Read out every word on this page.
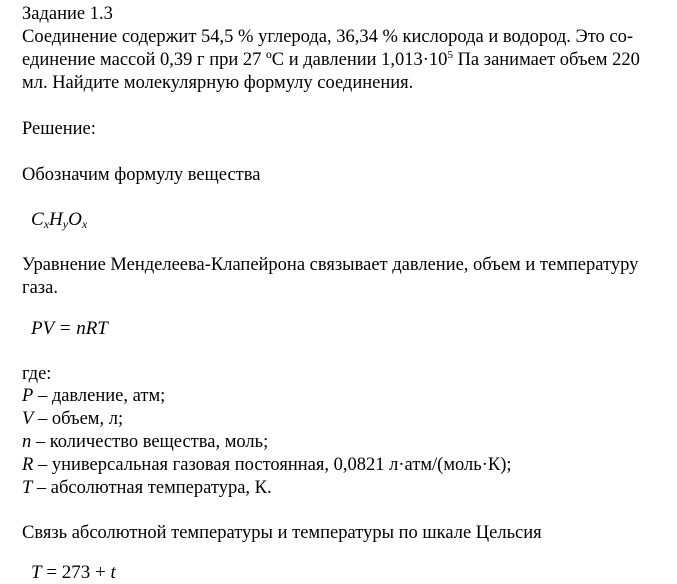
Задание 1.3
Соединение содержит 54,5 % углерода, 36,34 % кислорода и водород. Это со-
единение массой 0,39 г при 27 ºС и давлении $1,013\cdot 10^5$ Па занимает объем 220
мл. Найдите молекулярную формулу соединения.
Решение:
Обозначим формулу вещества
$C_xH_yO_x$
Уравнение Менделеева-Клапейрона связывает давление, объем и температуру
газа.
PV = nRT
где:
P – давление, атм;
V – объем, л;
n – количество вещества, моль;
R – универсальная газовая постоянная, 0,0821 л·атм/(моль·К);
T – абсолютная температура, К.
Связь абсолютной температуры и температуры по шкале Цельсия
T = 273 + t
